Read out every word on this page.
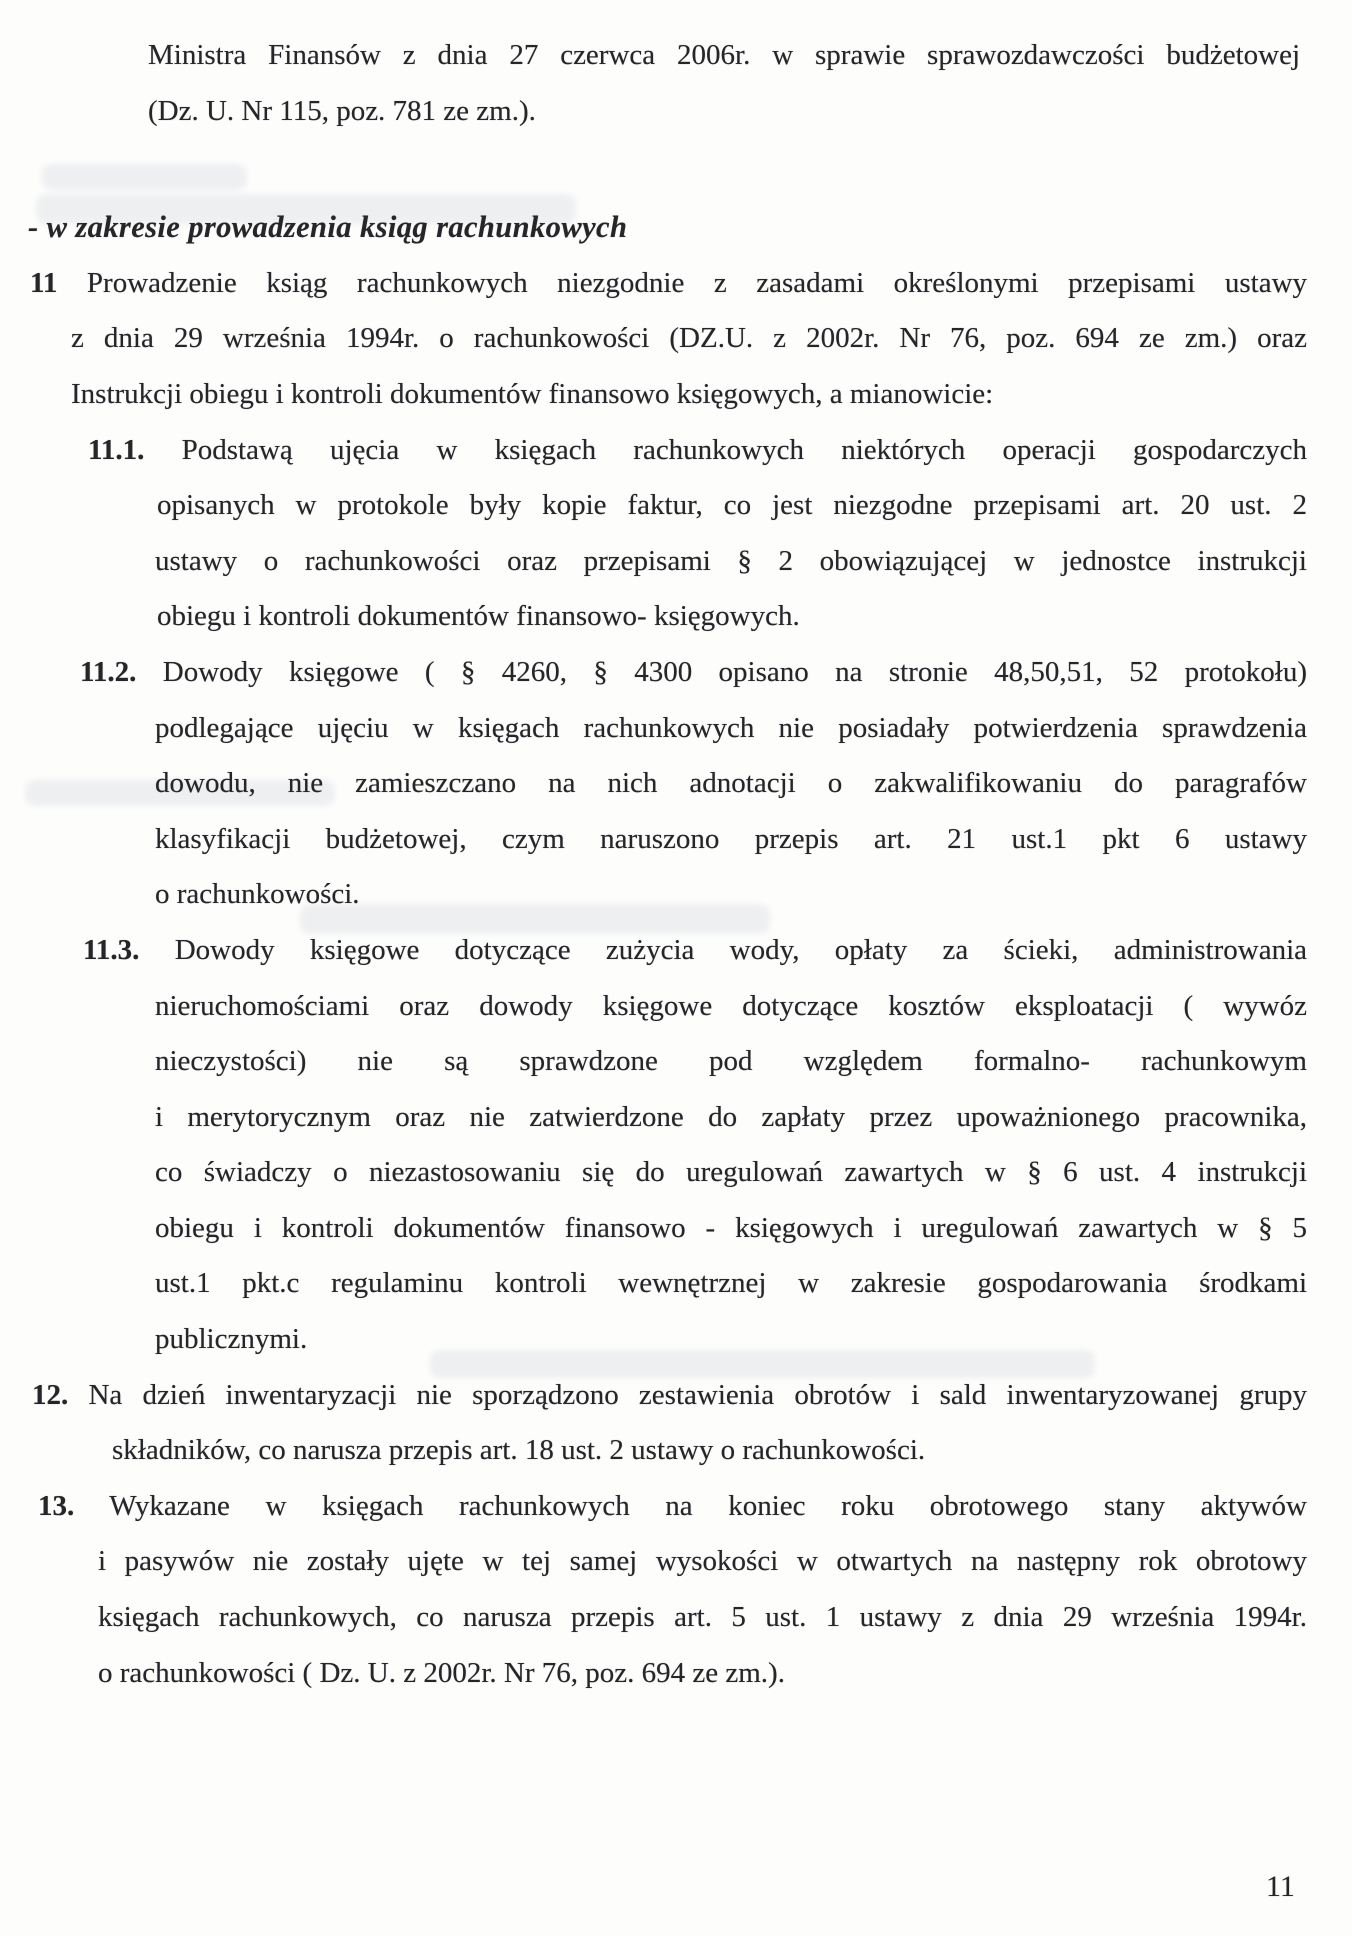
Ministra Finansów z dnia 27 czerwca 2006r. w sprawie sprawozdawczości budżetowej
(Dz. U. Nr 115, poz. 781 ze zm.).
- w zakresie prowadzenia ksiąg rachunkowych
11 Prowadzenie ksiąg rachunkowych niezgodnie z zasadami określonymi przepisami ustawy
z dnia 29 września 1994r. o rachunkowości (DZ.U. z 2002r. Nr 76, poz. 694 ze zm.) oraz
Instrukcji obiegu i kontroli dokumentów finansowo księgowych, a mianowicie:
11.1. Podstawą ujęcia w księgach rachunkowych niektórych operacji gospodarczych
opisanych w protokole były kopie faktur, co jest niezgodne przepisami art. 20 ust. 2
ustawy o rachunkowości oraz przepisami § 2 obowiązującej w jednostce instrukcji
obiegu i kontroli dokumentów finansowo- księgowych.
11.2. Dowody księgowe ( § 4260, § 4300 opisano na stronie 48,50,51, 52 protokołu)
podlegające ujęciu w księgach rachunkowych nie posiadały potwierdzenia sprawdzenia
dowodu, nie zamieszczano na nich adnotacji o zakwalifikowaniu do paragrafów
klasyfikacji budżetowej, czym naruszono przepis art. 21 ust.1 pkt 6 ustawy
o rachunkowości.
11.3. Dowody księgowe dotyczące zużycia wody, opłaty za ścieki, administrowania
nieruchomościami oraz dowody księgowe dotyczące kosztów eksploatacji ( wywóz
nieczystości) nie są sprawdzone pod względem formalno- rachunkowym
i merytorycznym oraz nie zatwierdzone do zapłaty przez upoważnionego pracownika,
co świadczy o niezastosowaniu się do uregulowań zawartych w § 6 ust. 4 instrukcji
obiegu i kontroli dokumentów finansowo - księgowych i uregulowań zawartych w § 5
ust.1 pkt.c regulaminu kontroli wewnętrznej w zakresie gospodarowania środkami
publicznymi.
12. Na dzień inwentaryzacji nie sporządzono zestawienia obrotów i sald inwentaryzowanej grupy
składników, co narusza przepis art. 18 ust. 2 ustawy o rachunkowości.
13. Wykazane w księgach rachunkowych na koniec roku obrotowego stany aktywów
i pasywów nie zostały ujęte w tej samej wysokości w otwartych na następny rok obrotowy
księgach rachunkowych, co narusza przepis art. 5 ust. 1 ustawy z dnia 29 września 1994r.
o rachunkowości ( Dz. U. z 2002r. Nr 76, poz. 694 ze zm.).
11
